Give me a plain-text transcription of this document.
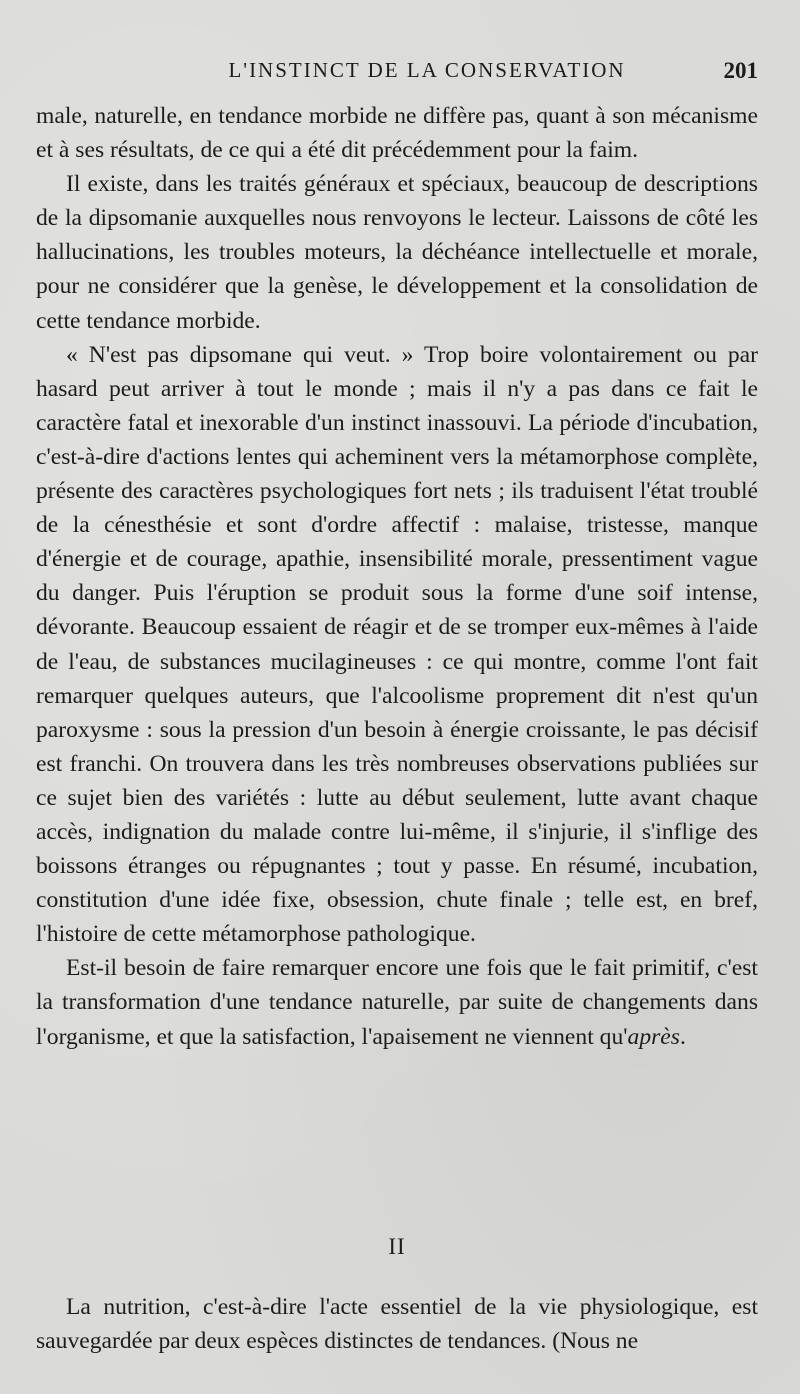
L'INSTINCT DE LA CONSERVATION	201

male, naturelle, en tendance morbide ne diffère pas, quant à son mécanisme et à ses résultats, de ce qui a été dit précédemment pour la faim.

Il existe, dans les traités généraux et spéciaux, beaucoup de descriptions de la dipsomanie auxquelles nous renvoyons le lecteur. Laissons de côté les hallucinations, les troubles moteurs, la déchéance intellectuelle et morale, pour ne considérer que la genèse, le développement et la consolidation de cette tendance morbide.

« N'est pas dipsomane qui veut. » Trop boire volontairement ou par hasard peut arriver à tout le monde ; mais il n'y a pas dans ce fait le caractère fatal et inexorable d'un instinct inassouvi. La période d'incubation, c'est-à-dire d'actions lentes qui acheminent vers la métamorphose complète, présente des caractères psychologiques fort nets ; ils traduisent l'état troublé de la cénesthésie et sont d'ordre affectif : malaise, tristesse, manque d'énergie et de courage, apathie, insensibilité morale, pressentiment vague du danger. Puis l'éruption se produit sous la forme d'une soif intense, dévorante. Beaucoup essaient de réagir et de se tromper eux-mêmes à l'aide de l'eau, de substances mucilagineuses : ce qui montre, comme l'ont fait remarquer quelques auteurs, que l'alcoolisme proprement dit n'est qu'un paroxysme : sous la pression d'un besoin à énergie croissante, le pas décisif est franchi. On trouvera dans les très nombreuses observations publiées sur ce sujet bien des variétés : lutte au début seulement, lutte avant chaque accès, indignation du malade contre lui-même, il s'injurie, il s'inflige des boissons étranges ou répugnantes ; tout y passe. En résumé, incubation, constitution d'une idée fixe, obsession, chute finale ; telle est, en bref, l'histoire de cette métamorphose pathologique.

Est-il besoin de faire remarquer encore une fois que le fait primitif, c'est la transformation d'une tendance naturelle, par suite de changements dans l'organisme, et que la satisfaction, l'apaisement ne viennent qu'après.

II

La nutrition, c'est-à-dire l'acte essentiel de la vie physiologique, est sauvegardée par deux espèces distinctes de tendances. (Nous ne
